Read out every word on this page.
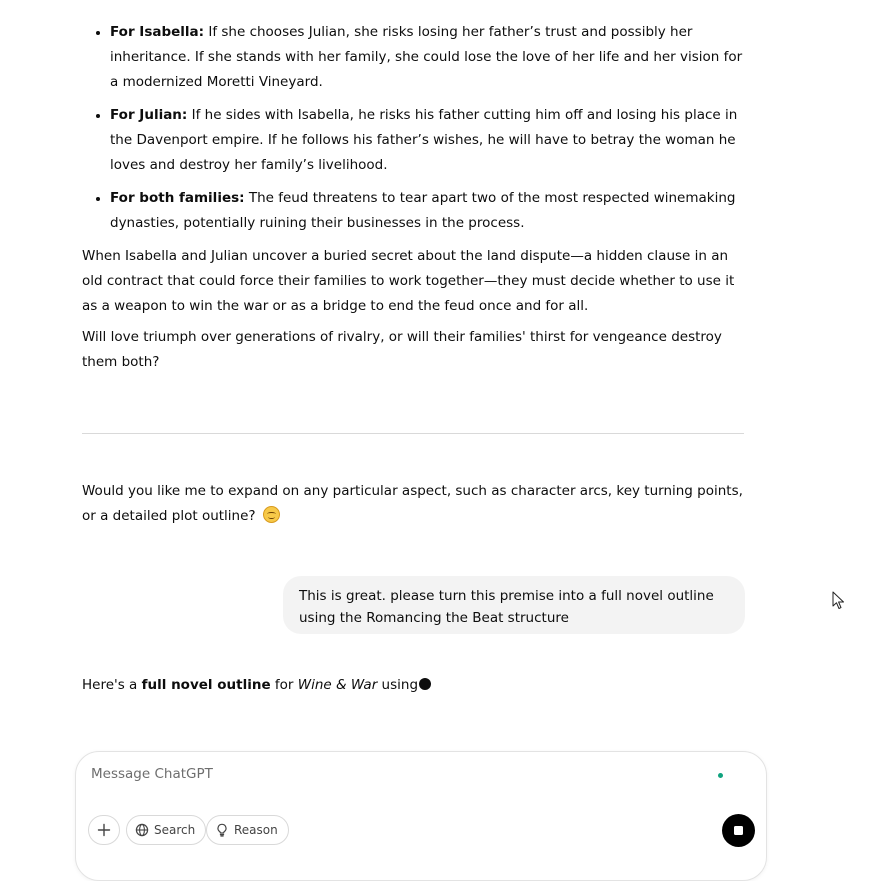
• For Isabella: If she chooses Julian, she risks losing her father’s trust and possibly her inheritance. If she stands with her family, she could lose the love of her life and her vision for a modernized Moretti Vineyard.
• For Julian: If he sides with Isabella, he risks his father cutting him off and losing his place in the Davenport empire. If he follows his father’s wishes, he will have to betray the woman he loves and destroy her family’s livelihood.
• For both families: The feud threatens to tear apart two of the most respected winemaking dynasties, potentially ruining their businesses in the process.

When Isabella and Julian uncover a buried secret about the land dispute—a hidden clause in an old contract that could force their families to work together—they must decide whether to use it as a weapon to win the war or as a bridge to end the feud once and for all.

Will love triumph over generations of rivalry, or will their families' thirst for vengeance destroy them both?

Would you like me to expand on any particular aspect, such as character arcs, key turning points, or a detailed plot outline?

This is great. please turn this premise into a full novel outline using the Romancing the Beat structure

Here's a full novel outline for Wine & War using

Message ChatGPT
Search	Reason
